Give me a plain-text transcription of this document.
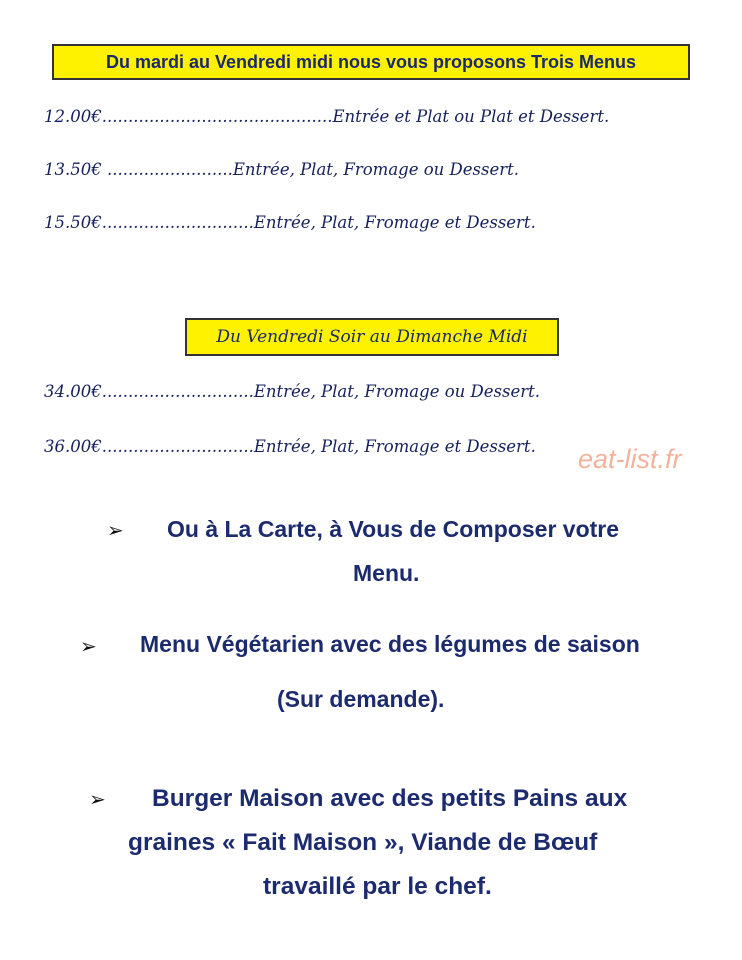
Du mardi au Vendredi midi nous vous proposons Trois Menus
12.00€............................................Entrée et Plat ou Plat et Dessert.
13.50€ ........................Entrée, Plat, Fromage ou Dessert.
15.50€.............................Entrée, Plat, Fromage et Dessert.
Du Vendredi Soir au Dimanche Midi
34.00€.............................Entrée, Plat, Fromage ou Dessert.
36.00€.............................Entrée, Plat, Fromage et Dessert.	eat-list.fr
➢ Ou à La Carte, à Vous de Composer votre
Menu.
➢ Menu Végétarien avec des légumes de saison
(Sur demande).
➢ Burger Maison avec des petits Pains aux
graines « Fait Maison », Viande de Bœuf
travaillé par le chef.
